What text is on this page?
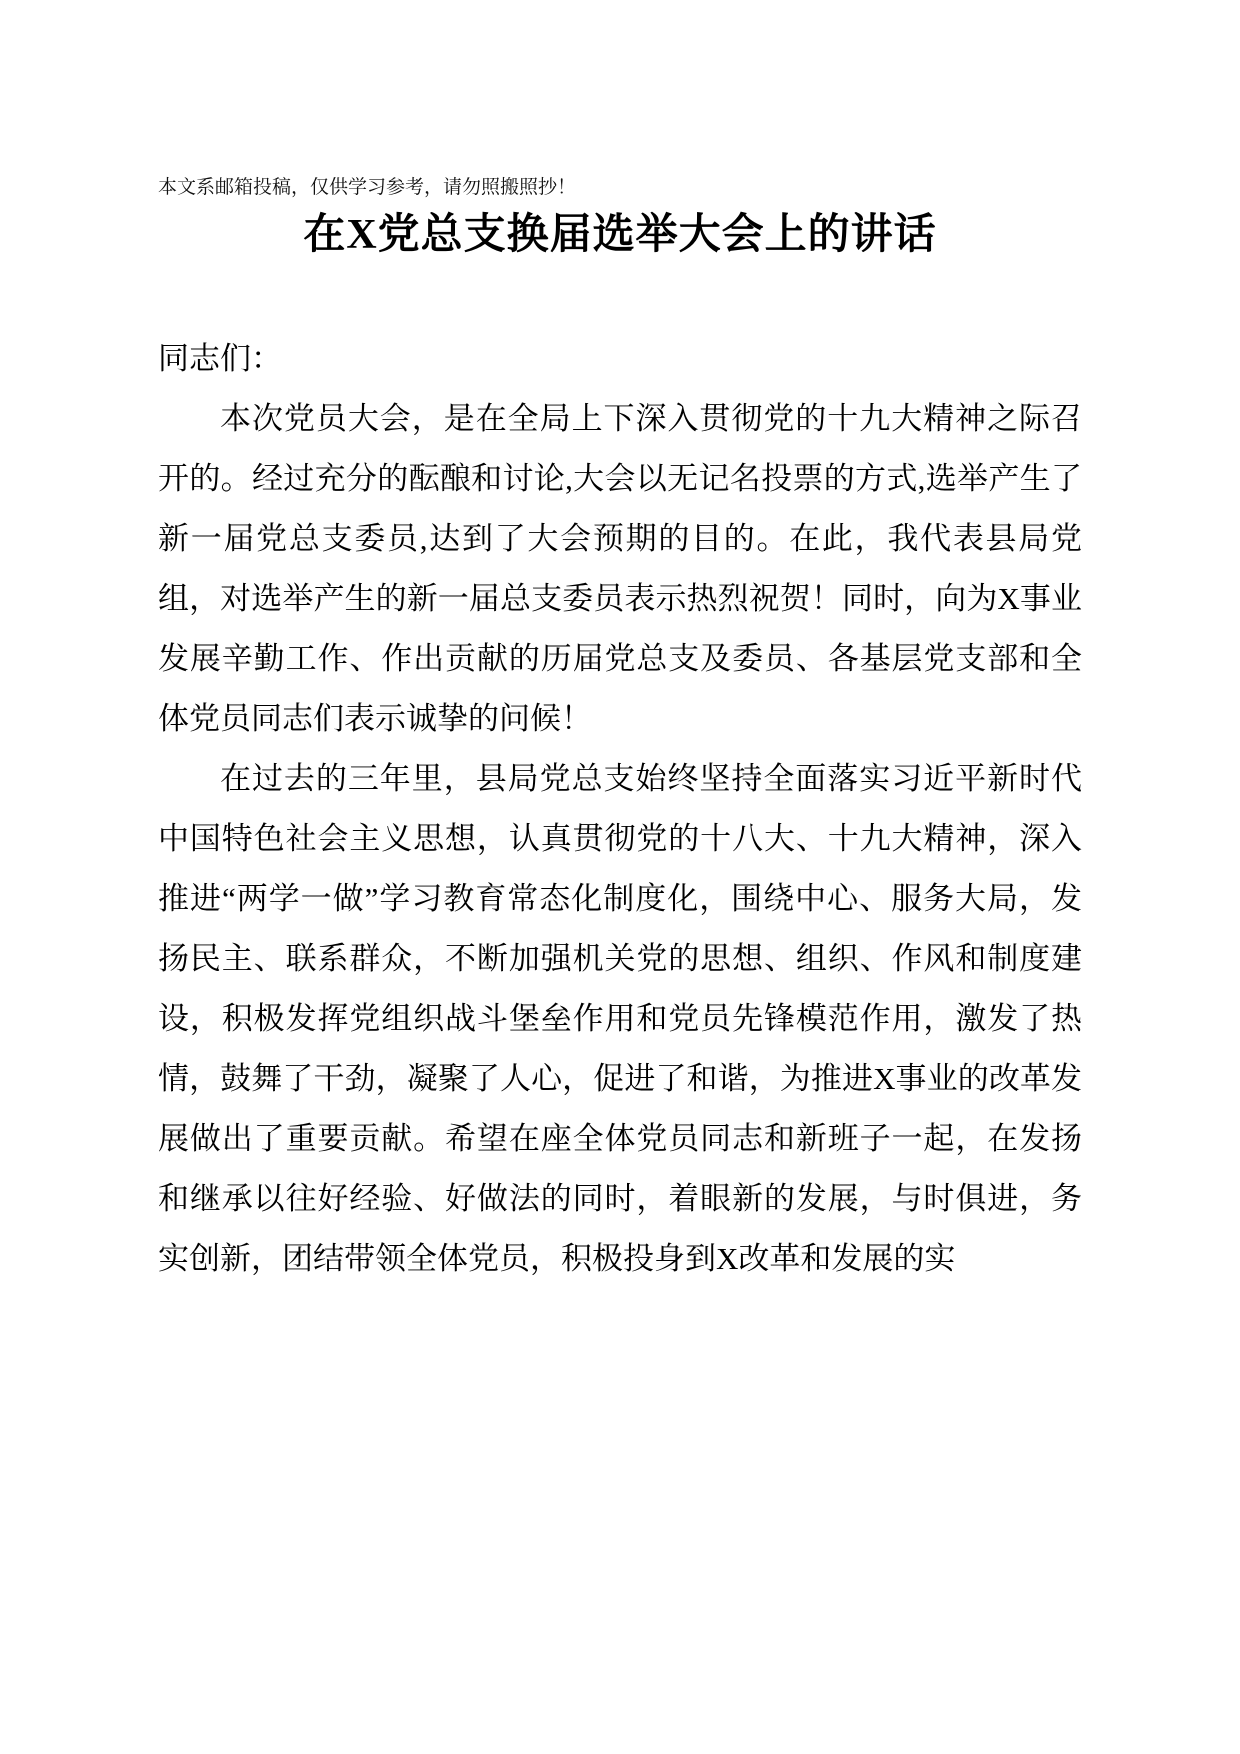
本文系邮箱投稿，仅供学习参考，请勿照搬照抄！

在X党总支换届选举大会上的讲话

同志们：

本次党员大会，是在全局上下深入贯彻党的十九大精神之际召开的。经过充分的酝酿和讨论,大会以无记名投票的方式,选举产生了新一届党总支委员,达到了大会预期的目的。在此，我代表县局党组，对选举产生的新一届总支委员表示热烈祝贺！同时，向为X事业发展辛勤工作、作出贡献的历届党总支及委员、各基层党支部和全体党员同志们表示诚挚的问候！

在过去的三年里，县局党总支始终坚持全面落实习近平新时代中国特色社会主义思想，认真贯彻党的十八大、十九大精神，深入推进“两学一做”学习教育常态化制度化，围绕中心、服务大局，发扬民主、联系群众，不断加强机关党的思想、组织、作风和制度建设，积极发挥党组织战斗堡垒作用和党员先锋模范作用，激发了热情，鼓舞了干劲，凝聚了人心，促进了和谐，为推进X事业的改革发展做出了重要贡献。希望在座全体党员同志和新班子一起，在发扬和继承以往好经验、好做法的同时，着眼新的发展，与时俱进，务实创新，团结带领全体党员，积极投身到X改革和发展的实
